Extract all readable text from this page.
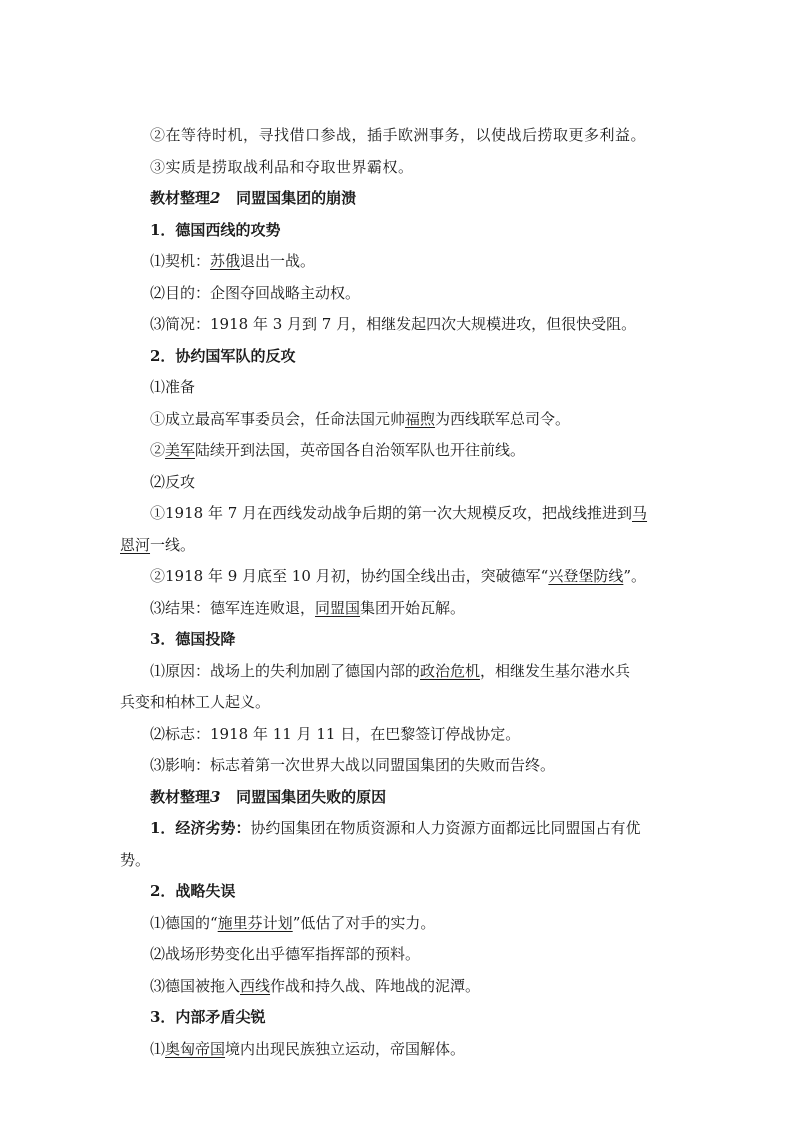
②在等待时机，寻找借口参战，插手欧洲事务，以使战后捞取更多利益。

③实质是捞取战利品和夺取世界霸权。

教材整理2 同盟国集团的崩溃

1．德国西线的攻势

⑴契机：苏俄退出一战。

⑵目的：企图夺回战略主动权。

⑶简况：1918 年 3 月到 7 月，相继发起四次大规模进攻，但很快受阻。

2．协约国军队的反攻

⑴准备

①成立最高军事委员会，任命法国元帅福煦为西线联军总司令。

②美军陆续开到法国，英帝国各自治领军队也开往前线。

⑵反攻

①1918 年 7 月在西线发动战争后期的第一次大规模反攻，把战线推进到马

恩河一线。

②1918 年 9 月底至 10 月初，协约国全线出击，突破德军“兴登堡防线”。

⑶结果：德军连连败退，同盟国集团开始瓦解。

3．德国投降

⑴原因：战场上的失利加剧了德国内部的政治危机，相继发生基尔港水兵

兵变和柏林工人起义。

⑵标志：1918 年 11 月 11 日，在巴黎签订停战协定。

⑶影响：标志着第一次世界大战以同盟国集团的失败而告终。

教材整理3 同盟国集团失败的原因

1．经济劣势：协约国集团在物质资源和人力资源方面都远比同盟国占有优

势。

2．战略失误

⑴德国的“施里芬计划”低估了对手的实力。

⑵战场形势变化出乎德军指挥部的预料。

⑶德国被拖入西线作战和持久战、阵地战的泥潭。

3．内部矛盾尖锐

⑴奥匈帝国境内出现民族独立运动，帝国解体。
